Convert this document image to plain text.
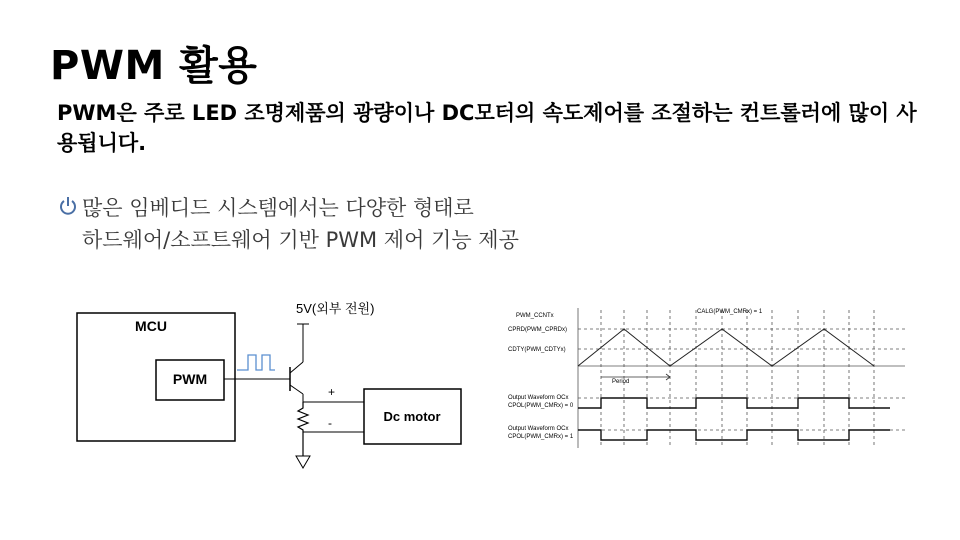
PWM 활용
PWM은 주로 LED 조명제품의 광량이나 DC모터의 속도제어를 조절하는 컨트롤러에 많이 사용됩니다.
많은 임베디드 시스템에서는 다양한 형태로
하드웨어/소프트웨어 기반 PWM 제어 기능 제공
MCU
PWM
5V(외부 전원)
+
-	Dc motor
Period
PWM_CCNTx
CALG(PWM_CMRx) = 1
CPRD(PWM_CPRDx)
CDTY(PWM_CDTYx)
Output Waveform OCx
CPOL(PWM_CMRx) = 0
Output Waveform OCx
CPOL(PWM_CMRx) = 1
